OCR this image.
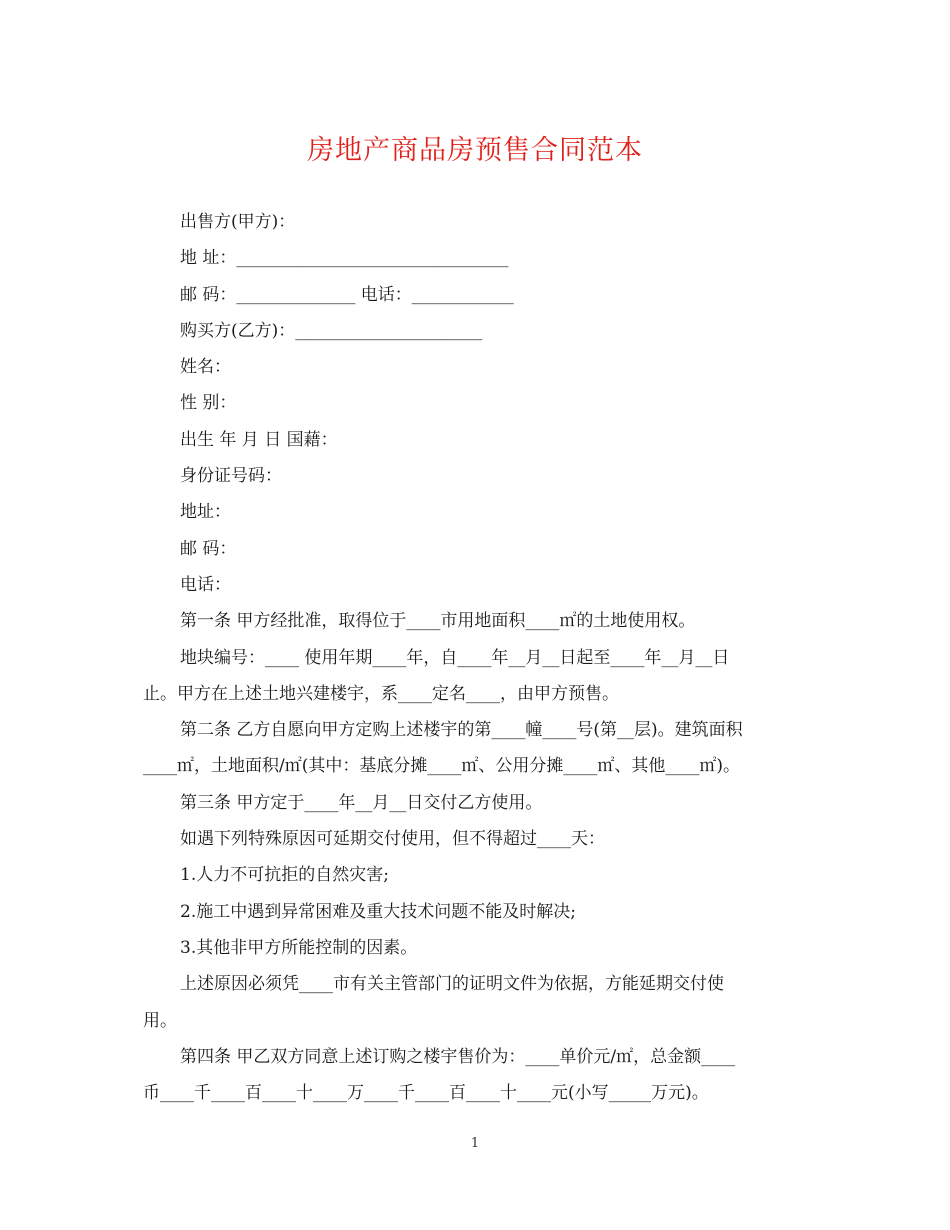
房地产商品房预售合同范本

出售方(甲方)：

地 址：________________________________

邮 码：______________ 电话：____________

购买方(乙方)：______________________

姓名：

性 别：

出生 年 月 日 国藉：

身份证号码：

地址：

邮 码：

电话：

第一条 甲方经批准，取得位于____市用地面积____㎡的土地使用权。

地块编号：____ 使用年期____年，自____年__月__日起至____年__月__日

止。甲方在上述土地兴建楼宇，系____定名____，由甲方预售。

第二条 乙方自愿向甲方定购上述楼宇的第____幢____号(第__层)。建筑面积

____㎡，土地面积/㎡(其中：基底分摊____㎡、公用分摊____㎡、其他____㎡)。

第三条 甲方定于____年__月__日交付乙方使用。

如遇下列特殊原因可延期交付使用，但不得超过____天：

1.人力不可抗拒的自然灾害;

2.施工中遇到异常困难及重大技术问题不能及时解决;

3.其他非甲方所能控制的因素。

上述原因必须凭____市有关主管部门的证明文件为依据，方能延期交付使

用。

第四条 甲乙双方同意上述订购之楼宇售价为：____单价元/㎡，总金额____

币____千____百____十____万____千____百____十____元(小写_____万元)。

1
